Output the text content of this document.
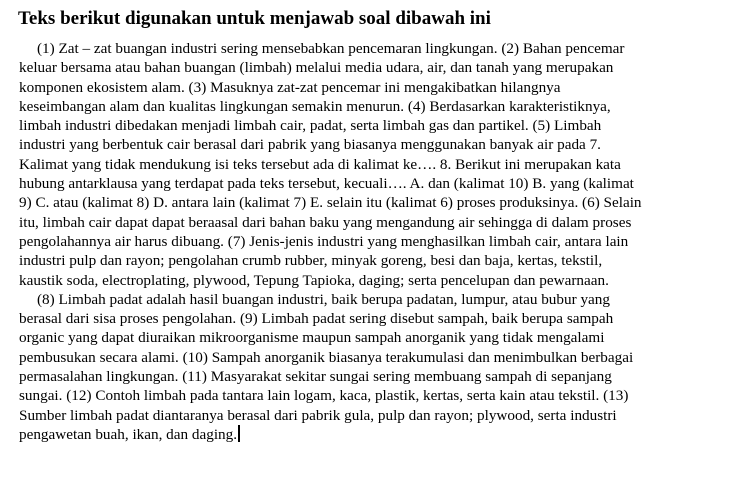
Teks berikut digunakan untuk menjawab soal dibawah ini
(1) Zat – zat buangan industri sering mensebabkan pencemaran lingkungan. (2) Bahan pencemar
keluar bersama atau bahan buangan (limbah) melalui media udara, air, dan tanah yang merupakan
komponen ekosistem alam. (3) Masuknya zat-zat pencemar ini mengakibatkan hilangnya
keseimbangan alam dan kualitas lingkungan semakin menurun. (4) Berdasarkan karakteristiknya,
limbah industri dibedakan menjadi limbah cair, padat, serta limbah gas dan partikel. (5) Limbah
industri yang berbentuk cair berasal dari pabrik yang biasanya menggunakan banyak air pada 7.
Kalimat yang tidak mendukung isi teks tersebut ada di kalimat ke…. 8. Berikut ini merupakan kata
hubung antarklausa yang terdapat pada teks tersebut, kecuali…. A. dan (kalimat 10) B. yang (kalimat
9) C. atau (kalimat 8) D. antara lain (kalimat 7) E. selain itu (kalimat 6) proses produksinya. (6) Selain
itu, limbah cair dapat dapat beraasal dari bahan baku yang mengandung air sehingga di dalam proses
pengolahannya air harus dibuang. (7) Jenis-jenis industri yang menghasilkan limbah cair, antara lain
industri pulp dan rayon; pengolahan crumb rubber, minyak goreng, besi dan baja, kertas, tekstil,
kaustik soda, electroplating, plywood, Tepung Tapioka, daging; serta pencelupan dan pewarnaan.
(8) Limbah padat adalah hasil buangan industri, baik berupa padatan, lumpur, atau bubur yang
berasal dari sisa proses pengolahan. (9) Limbah padat sering disebut sampah, baik berupa sampah
organic yang dapat diuraikan mikroorganisme maupun sampah anorganik yang tidak mengalami
pembusukan secara alami. (10) Sampah anorganik biasanya terakumulasi dan menimbulkan berbagai
permasalahan lingkungan. (11) Masyarakat sekitar sungai sering membuang sampah di sepanjang
sungai. (12) Contoh limbah pada tantara lain logam, kaca, plastik, kertas, serta kain atau tekstil. (13)
Sumber limbah padat diantaranya berasal dari pabrik gula, pulp dan rayon; plywood, serta industri
pengawetan buah, ikan, dan daging.
